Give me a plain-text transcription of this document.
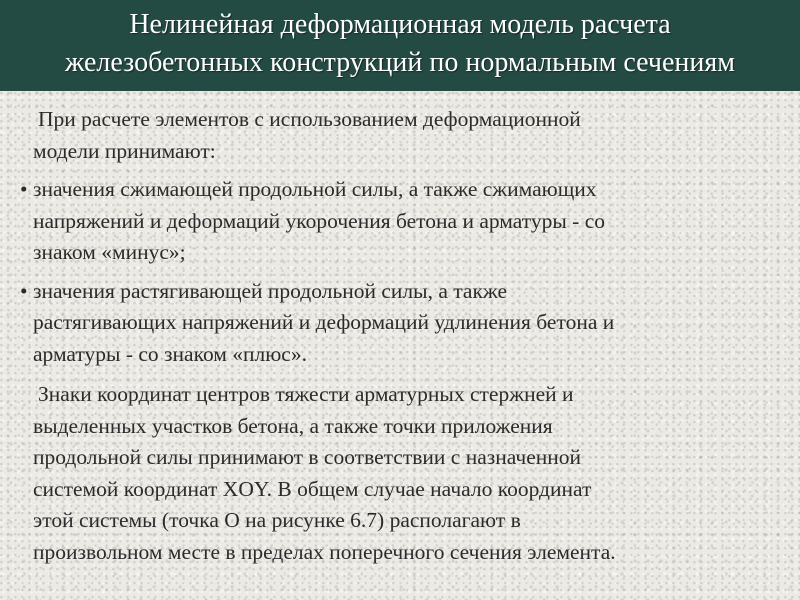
Нелинейная деформационная модель расчета
железобетонных конструкций по нормальным сечениям
При расчете элементов с использованием деформационной
модели принимают:
• значения сжимающей продольной силы, а также сжимающих
напряжений и деформаций укорочения бетона и арматуры - со
знаком «минус»;
• значения растягивающей продольной силы, а также
растягивающих напряжений и деформаций удлинения бетона и
арматуры - со знаком «плюс».
Знаки координат центров тяжести арматурных стержней и
выделенных участков бетона, а также точки приложения
продольной силы принимают в соответствии с назначенной
системой координат XOY. В общем случае начало координат
этой системы (точка О на рисунке 6.7) располагают в
произвольном месте в пределах поперечного сечения элемента.
